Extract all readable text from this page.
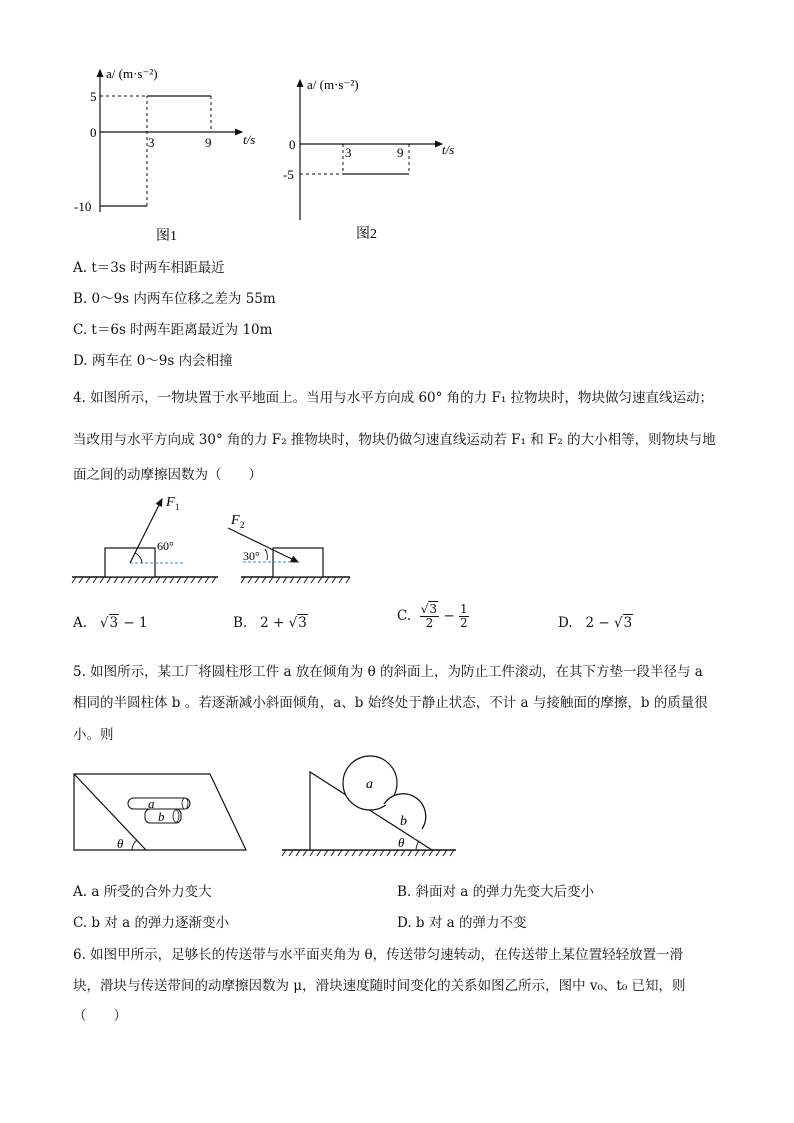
a/ (m·s⁻²)
t/s
5
0
-10
3	9
图1
a/ (m·s⁻²)
t/s
0
-5
3	9
图2
A. t＝3s 时两车相距最近
B. 0～9s 内两车位移之差为 55m
C. t＝6s 时两车距离最近为 10m
D. 两车在 0～9s 内会相撞
4. 如图所示，一物块置于水平地面上。当用与水平方向成 60° 角的力 F₁ 拉物块时，物块做匀速直线运动；
当改用与水平方向成 30° 角的力 F₂ 推物块时，物块仍做匀速直线运动若 F₁ 和 F₂ 的大小相等，则物块与地
面之间的动摩擦因数为（　　）
F 1
60°
F 2
30°
A. √3 − 1	B. 2 + √3	C. $\frac{√3}{2} - \frac{1}{2}$	D. 2 − √3
5. 如图所示，某工厂将圆柱形工件 a 放在倾角为 θ 的斜面上，为防止工件滚动，在其下方垫一段半径与 a
相同的半圆柱体 b 。若逐渐减小斜面倾角，a、b 始终处于静止状态，不计 a 与接触面的摩擦，b 的质量很
小。则
a
b
θ
a
b
θ
A. a 所受的合外力变大	B. 斜面对 a 的弹力先变大后变小
C. b 对 a 的弹力逐渐变小	D. b 对 a 的弹力不变
6. 如图甲所示，足够长的传送带与水平面夹角为 θ，传送带匀速转动，在传送带上某位置轻轻放置一滑
块，滑块与传送带间的动摩擦因数为 μ，滑块速度随时间变化的关系如图乙所示，图中 v₀、t₀ 已知，则
（　　）
